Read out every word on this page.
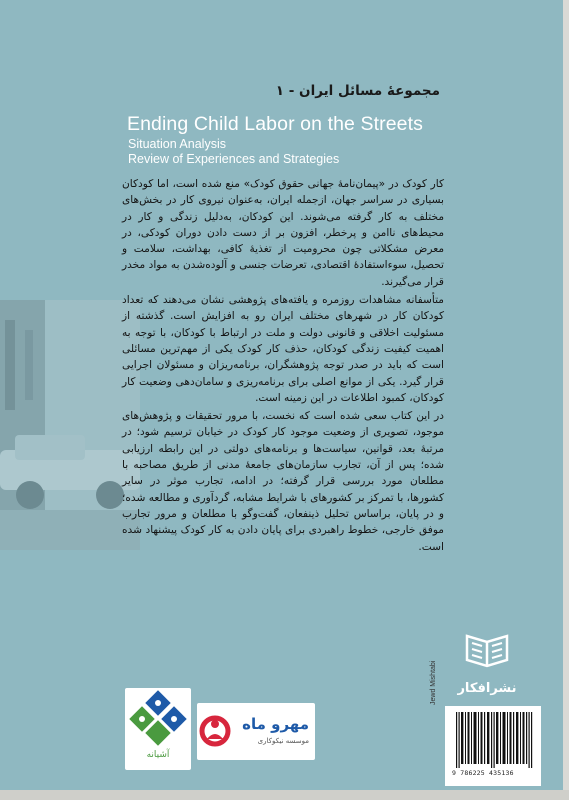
مجموعهٔ مسائل ایران - ۱
Ending Child Labor on the Streets
Situation Analysis
Review of Experiences and Strategies

کار کودک در «پیمان‌نامهٔ جهانی حقوق کودک» منع شده است، اما کودکان بسیاری در سراسر جهان، ازجمله ایران، به‌عنوان نیروی کار در بخش‌های مختلف به کار گرفته می‌شوند. این کودکان، به‌دلیل زندگی و کار در محیط‌های ناامن و پرخطر، افزون بر از دست دادن دوران کودکی، در معرض مشکلاتی چون محرومیت از تغذیهٔ کافی، بهداشت، سلامت و تحصیل، سوءاستفادهٔ اقتصادی، تعرضات جنسی و آلوده‌شدن به مواد مخدر قرار می‌گیرند.

متأسفانه مشاهدات روزمره و یافته‌های پژوهشی نشان می‌دهند که تعداد کودکان کار در شهرهای مختلف ایران رو به افزایش است. گذشته از مسئولیت اخلاقی و قانونی دولت و ملت در ارتباط با کودکان، با توجه به اهمیت کیفیت زندگی کودکان، حذف کار کودک یکی از مهم‌ترین مسائلی است که باید در صدر توجه پژوهشگران، برنامه‌ریزان و مسئولان اجرایی قرار گیرد. یکی از موانع اصلی برای برنامه‌ریزی و سامان‌دهی وضعیت کار کودکان، کمبود اطلاعات در این زمینه است.

در این کتاب سعی شده است که نخست، با مرور تحقیقات و پژوهش‌های موجود، تصویری از وضعیت موجود کار کودک در خیابان ترسیم شود؛ در مرتبهٔ بعد، قوانین، سیاست‌ها و برنامه‌های دولتی در این رابطه ارزیابی شده؛ پس از آن، تجارب سازمان‌های جامعهٔ مدنی از طریق مصاحبه با مطلعان مورد بررسی قرار گرفته؛ در ادامه، تجارب موثر در سایر کشورها، با تمرکز بر کشورهای با شرایط مشابه، گردآوری و مطالعه شده؛ و در پایان، براساس تحلیل ذینفعان، گفت‌وگو با مطلعان و مرور تجارب موفق خارجی، خطوط راهبردی برای پایان دادن به کار کودک پیشنهاد شده است.

نشرافکار
9 786225 435136
Jewd Mishtabi
آشیانه
مهرو ماه
موسسه نیکوکاری
